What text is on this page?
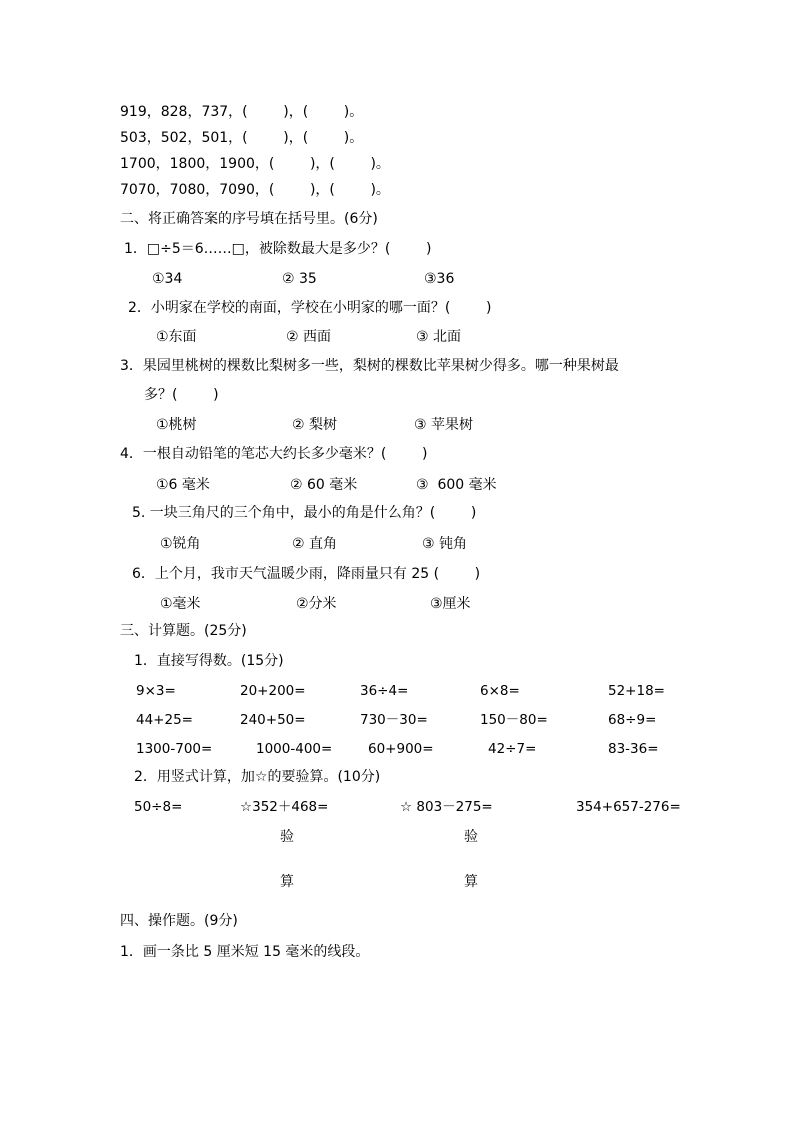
919，828，737，(        )，(        )。
503，502，501，(        )，(        )。
1700，1800，1900，(        )，(        )。
7070，7080，7090，(        )，(        )。
二、将正确答案的序号填在括号里。(6分)
1．□÷5＝6……□，被除数最大是多少？(        )
①34	② 35	③36
2．小明家在学校的南面，学校在小明家的哪一面？(        )
①东面	② 西面	③ 北面
3．果园里桃树的棵数比梨树多一些，梨树的棵数比苹果树少得多。哪一种果树最
多？(        )
①桃树	② 梨树	③ 苹果树
4．一根自动铅笔的笔芯大约长多少毫米？(        )
①6 毫米	② 60 毫米	③  600 毫米
5. 一块三角尺的三个角中，最小的角是什么角？(        )
①锐角	② 直角	③ 钝角
6．上个月，我市天气温暖少雨，降雨量只有 25 (        )
①毫米	②分米	③厘米
三、计算题。(25分)
1．直接写得数。(15分)
9×3=	20+200=	36÷4=	6×8=	52+18=
44+25=	240+50=	730－30=	150－80=	68÷9=
1300-700=	1000-400=	60+900=	42÷7=	83-36=
2．用竖式计算，加☆的要验算。(10分)
50÷8=	☆352＋468=	☆ 803－275=	354+657-276=
验	验
算	算
四、操作题。(9分)
1．画一条比 5 厘米短 15 毫米的线段。
